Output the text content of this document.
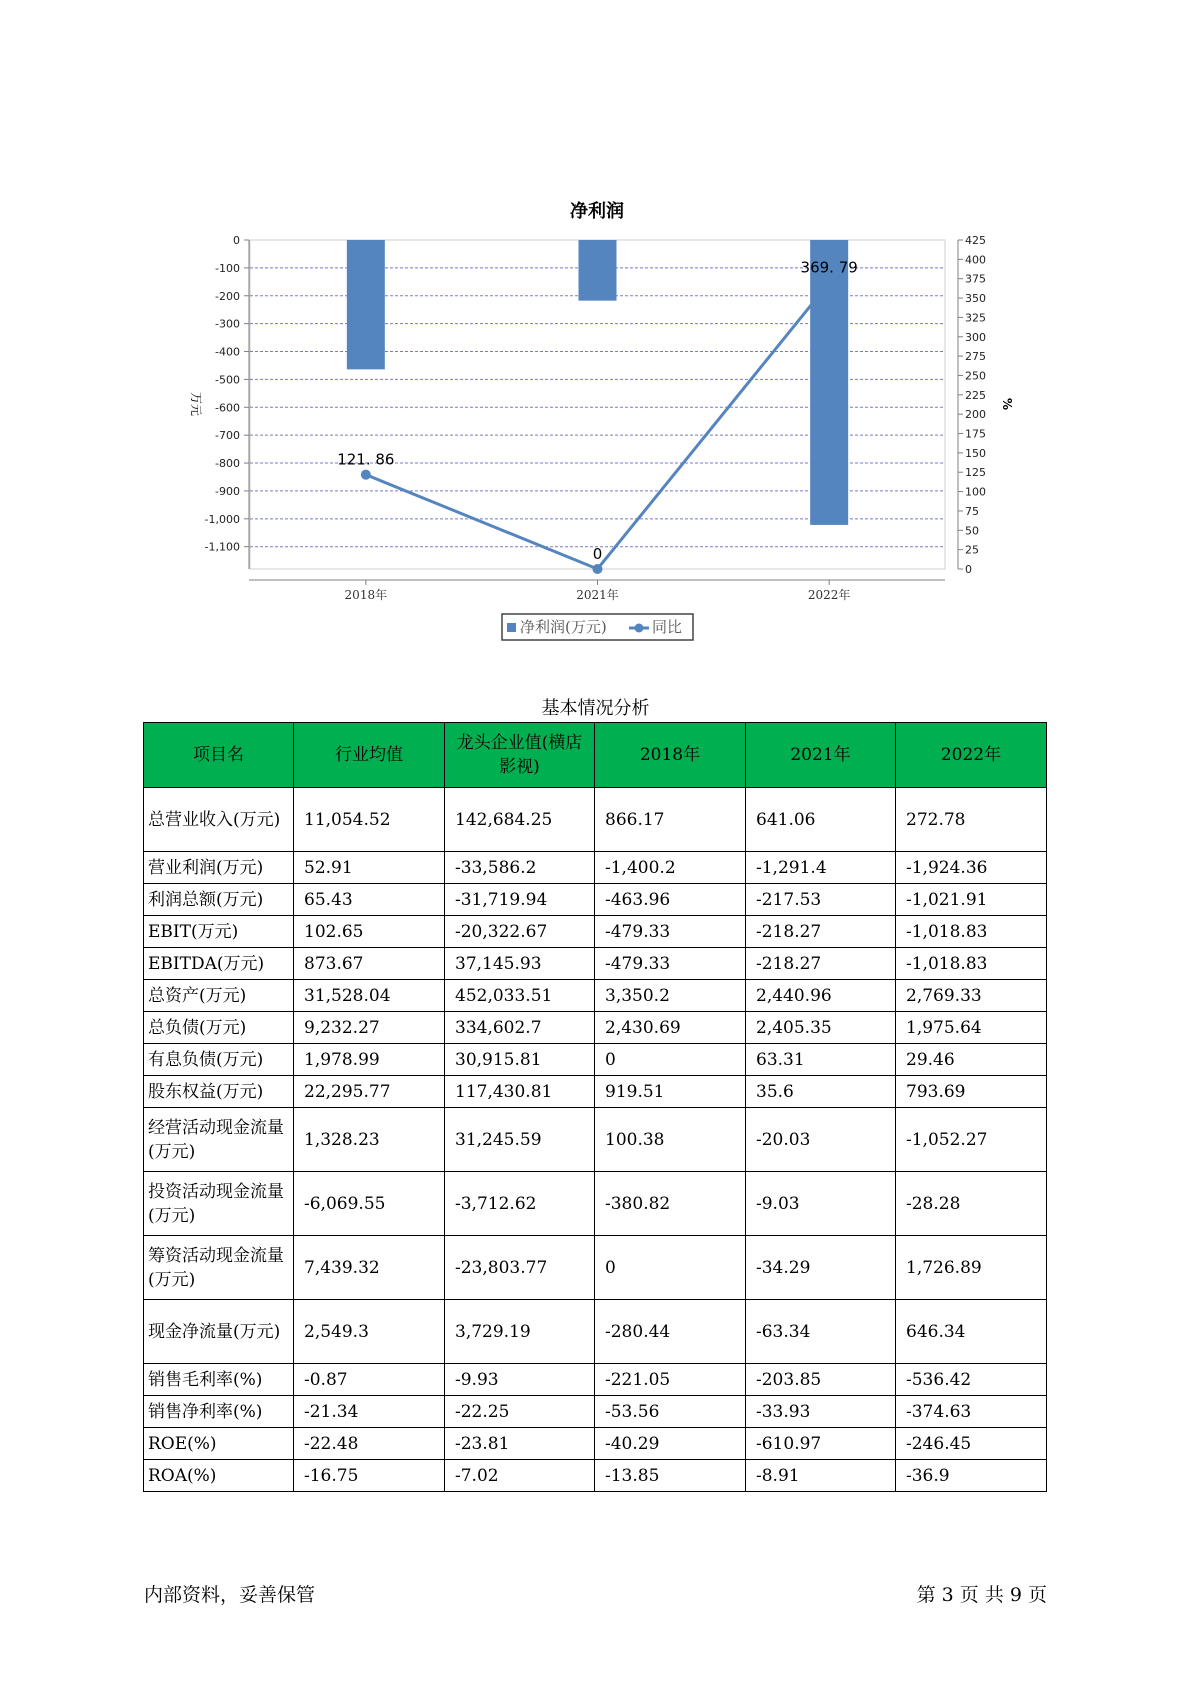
净利润
0
-100
-200
-300
-400
-500
-600
-700
-800
-900
-1,000
-1,100
425
400
375
350
325
300
275
250
225
200
175
150
125
100
75
50
25
0
万元	%
2018年	2021年	2022年
121. 86
0
369. 79
净利润(万元)	同比
基本情况分析
项目名	行业均值	龙头企业值(横店影视)	2018年	2021年	2022年
总营业收入(万元)	11,054.52	142,684.25	866.17	641.06	272.78
营业利润(万元)	52.91	-33,586.2	-1,400.2	-1,291.4	-1,924.36
利润总额(万元)	65.43	-31,719.94	-463.96	-217.53	-1,021.91
EBIT(万元)	102.65	-20,322.67	-479.33	-218.27	-1,018.83
EBITDA(万元)	873.67	37,145.93	-479.33	-218.27	-1,018.83
总资产(万元)	31,528.04	452,033.51	3,350.2	2,440.96	2,769.33
总负债(万元)	9,232.27	334,602.7	2,430.69	2,405.35	1,975.64
有息负债(万元)	1,978.99	30,915.81	0	63.31	29.46
股东权益(万元)	22,295.77	117,430.81	919.51	35.6	793.69
经营活动现金流量(万元)	1,328.23	31,245.59	100.38	-20.03	-1,052.27
投资活动现金流量(万元)	-6,069.55	-3,712.62	-380.82	-9.03	-28.28
筹资活动现金流量(万元)	7,439.32	-23,803.77	0	-34.29	1,726.89
现金净流量(万元)	2,549.3	3,729.19	-280.44	-63.34	646.34
销售毛利率(%)	-0.87	-9.93	-221.05	-203.85	-536.42
销售净利率(%)	-21.34	-22.25	-53.56	-33.93	-374.63
ROE(%)	-22.48	-23.81	-40.29	-610.97	-246.45
ROA(%)	-16.75	-7.02	-13.85	-8.91	-36.9
内部资料，妥善保管	第 3 页 共 9 页
